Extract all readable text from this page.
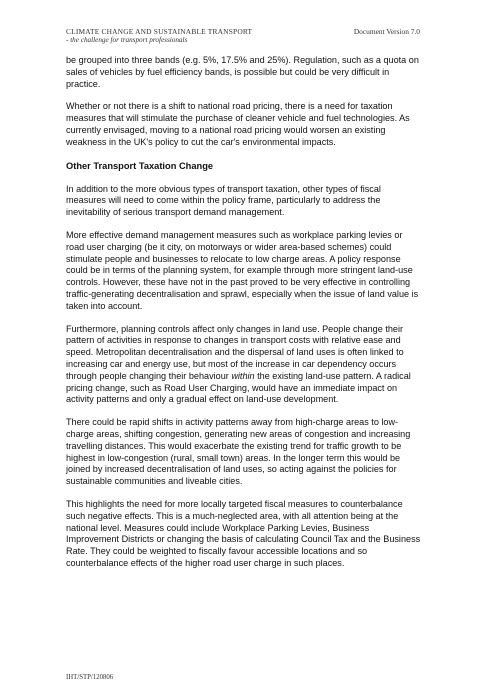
CLIMATE CHANGE AND SUSTAINABLE TRANSPORT
- the challenge for transport professionals
Document Version 7.0

be grouped into three bands (e.g. 5%, 17.5% and 25%). Regulation, such as a quota on sales of vehicles by fuel efficiency bands, is possible but could be very difficult in practice.

Whether or not there is a shift to national road pricing, there is a need for taxation measures that will stimulate the purchase of cleaner vehicle and fuel technologies. As currently envisaged, moving to a national road pricing would worsen an existing weakness in the UK's policy to cut the car's environmental impacts.

Other Transport Taxation Change

In addition to the more obvious types of transport taxation, other types of fiscal measures will need to come within the policy frame, particularly to address the inevitability of serious transport demand management.

More effective demand management measures such as workplace parking levies or road user charging (be it city, on motorways or wider area-based schemes) could stimulate people and businesses to relocate to low charge areas. A policy response could be in terms of the planning system, for example through more stringent land-use controls. However, these have not in the past proved to be very effective in controlling traffic-generating decentralisation and sprawl, especially when the issue of land value is taken into account.

Furthermore, planning controls affect only changes in land use. People change their pattern of activities in response to changes in transport costs with relative ease and speed. Metropolitan decentralisation and the dispersal of land uses is often linked to increasing car and energy use, but most of the increase in car dependency occurs through people changing their behaviour within the existing land-use pattern. A radical pricing change, such as Road User Charging, would have an immediate impact on activity patterns and only a gradual effect on land-use development.

There could be rapid shifts in activity patterns away from high-charge areas to low-charge areas, shifting congestion, generating new areas of congestion and increasing travelling distances. This would exacerbate the existing trend for traffic growth to be highest in low-congestion (rural, small town) areas. In the longer term this would be joined by increased decentralisation of land uses, so acting against the policies for sustainable communities and liveable cities.

This highlights the need for more locally targeted fiscal measures to counterbalance such negative effects. This is a much-neglected area, with all attention being at the national level. Measures could include Workplace Parking Levies, Business Improvement Districts or changing the basis of calculating Council Tax and the Business Rate. They could be weighted to fiscally favour accessible locations and so counterbalance effects of the higher road user charge in such places.

IHT/STP/120806
